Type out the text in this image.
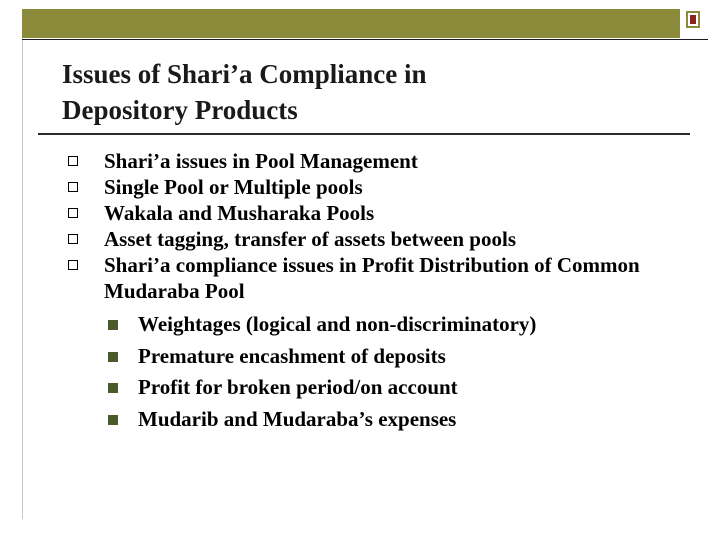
Issues of Shari’a Compliance in
Depository Products
Shari’a issues in Pool Management
Single Pool or Multiple pools
Wakala and Musharaka Pools
Asset tagging, transfer of assets between pools
Shari’a compliance issues in Profit Distribution of Common Mudaraba Pool
Weightages (logical and non-discriminatory)
Premature encashment of deposits
Profit for broken period/on account
Mudarib and Mudaraba’s expenses
